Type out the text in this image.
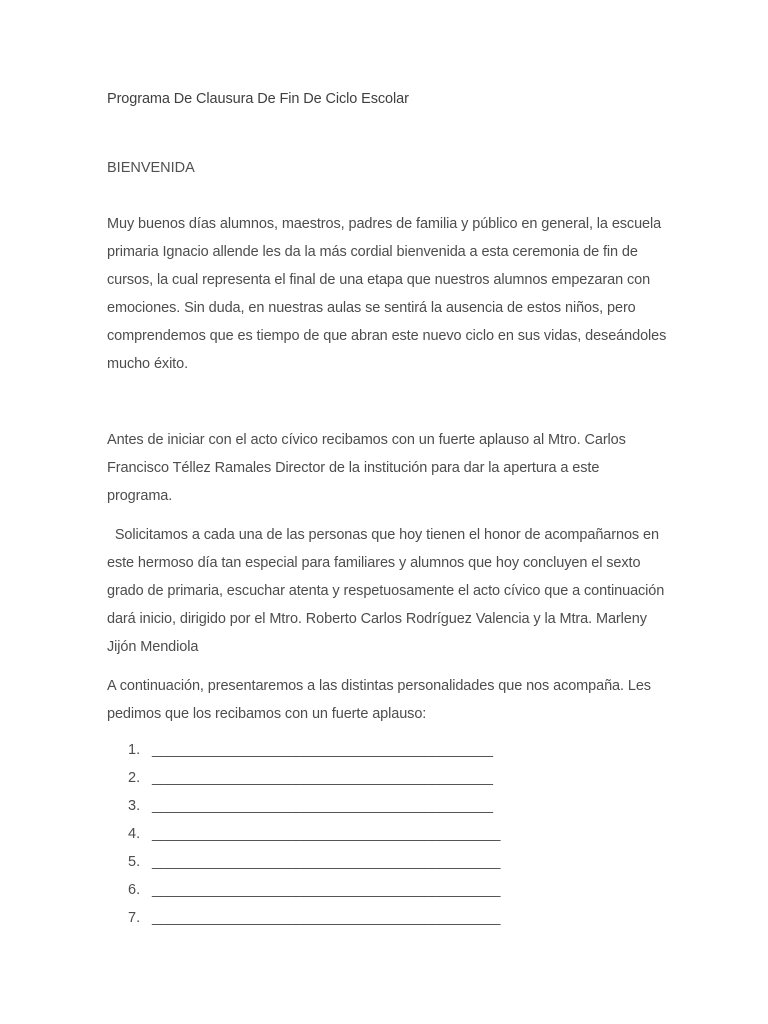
Programa De Clausura De Fin De Ciclo Escolar
BIENVENIDA

Muy buenos días alumnos, maestros, padres de familia y público en general, la escuela primaria Ignacio allende les da la más cordial bienvenida a esta ceremonia de fin de cursos, la cual representa el final de una etapa que nuestros alumnos empezaran con emociones. Sin duda, en nuestras aulas se sentirá la ausencia de estos niños, pero comprendemos que es tiempo de que abran este nuevo ciclo en sus vidas, deseándoles mucho éxito.

Antes de iniciar con el acto cívico recibamos con un fuerte aplauso al Mtro. Carlos Francisco Téllez Ramales Director de la institución para dar la apertura a este programa.

Solicitamos a cada una de las personas que hoy tienen el honor de acompañarnos en este hermoso día tan especial para familiares y alumnos que hoy concluyen el sexto grado de primaria, escuchar atenta y respetuosamente el acto cívico que a continuación dará inicio, dirigido por el Mtro. Roberto Carlos Rodríguez Valencia y la Mtra. Marleny Jijón Mendiola

A continuación, presentaremos a las distintas personalidades que nos acompaña. Les pedimos que los recibamos con un fuerte aplauso:

1. _____________________________________________
2. _____________________________________________
3. _____________________________________________
4. ______________________________________________
5. ______________________________________________
6. ______________________________________________
7. ______________________________________________
